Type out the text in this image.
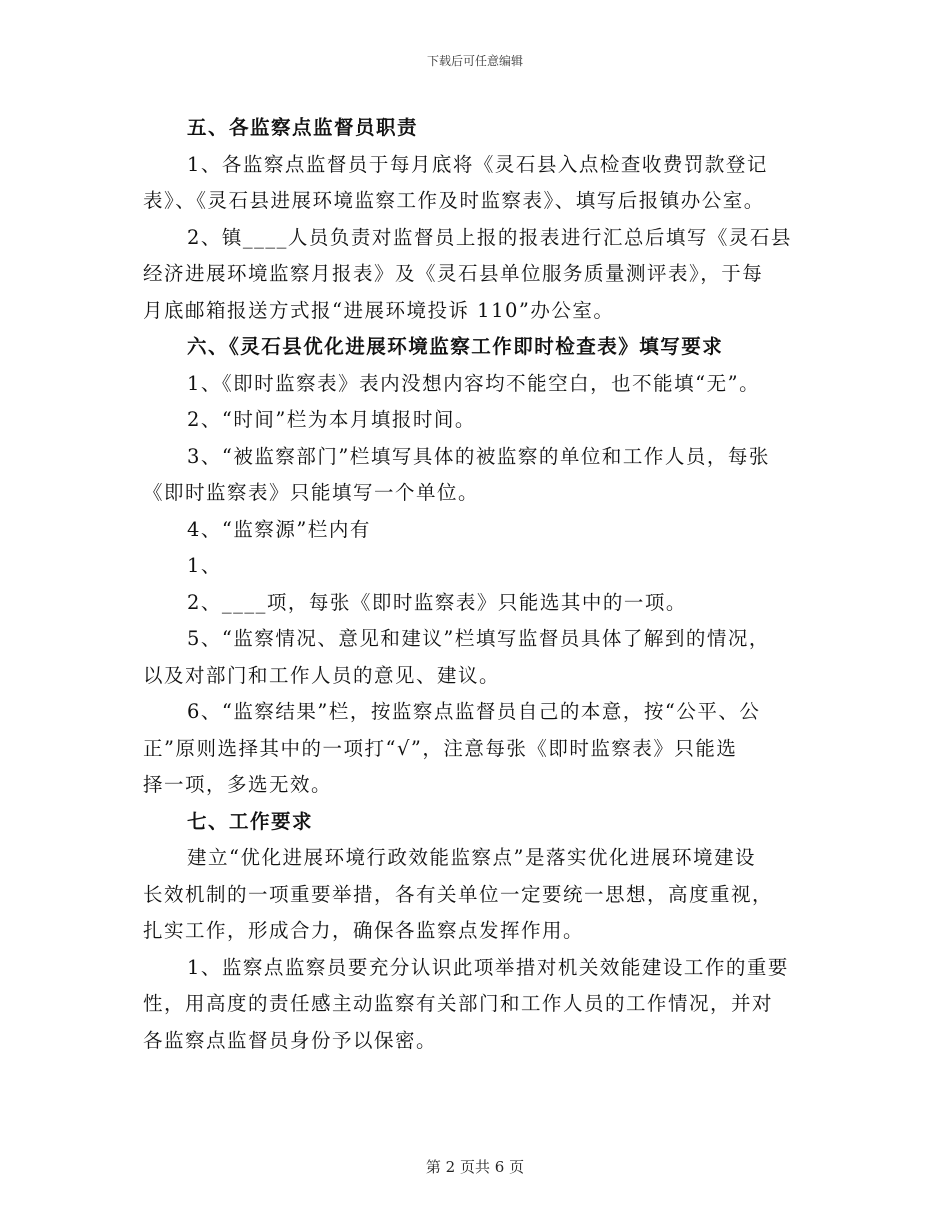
下载后可任意编辑
五、各监察点监督员职责
1、各监察点监督员于每月底将《灵石县入点检查收费罚款登记
表》、《灵石县进展环境监察工作及时监察表》、填写后报镇办公室。
2、镇____人员负责对监督员上报的报表进行汇总后填写《灵石县
经济进展环境监察月报表》及《灵石县单位服务质量测评表》，于每
月底邮箱报送方式报“进展环境投诉 110”办公室。
六、《灵石县优化进展环境监察工作即时检查表》填写要求
1、《即时监察表》表内没想内容均不能空白，也不能填“无”。
2、“时间”栏为本月填报时间。
3、“被监察部门”栏填写具体的被监察的单位和工作人员，每张
《即时监察表》只能填写一个单位。
4、“监察源”栏内有
1、
2、____项，每张《即时监察表》只能选其中的一项。
5、“监察情况、意见和建议”栏填写监督员具体了解到的情况，
以及对部门和工作人员的意见、建议。
6、“监察结果”栏，按监察点监督员自己的本意，按“公平、公
正”原则选择其中的一项打“√”，注意每张《即时监察表》只能选
择一项，多选无效。
七、工作要求
建立“优化进展环境行政效能监察点”是落实优化进展环境建设
长效机制的一项重要举措，各有关单位一定要统一思想，高度重视，
扎实工作，形成合力，确保各监察点发挥作用。
1、监察点监察员要充分认识此项举措对机关效能建设工作的重要
性，用高度的责任感主动监察有关部门和工作人员的工作情况，并对
各监察点监督员身份予以保密。
第 2 页共 6 页
